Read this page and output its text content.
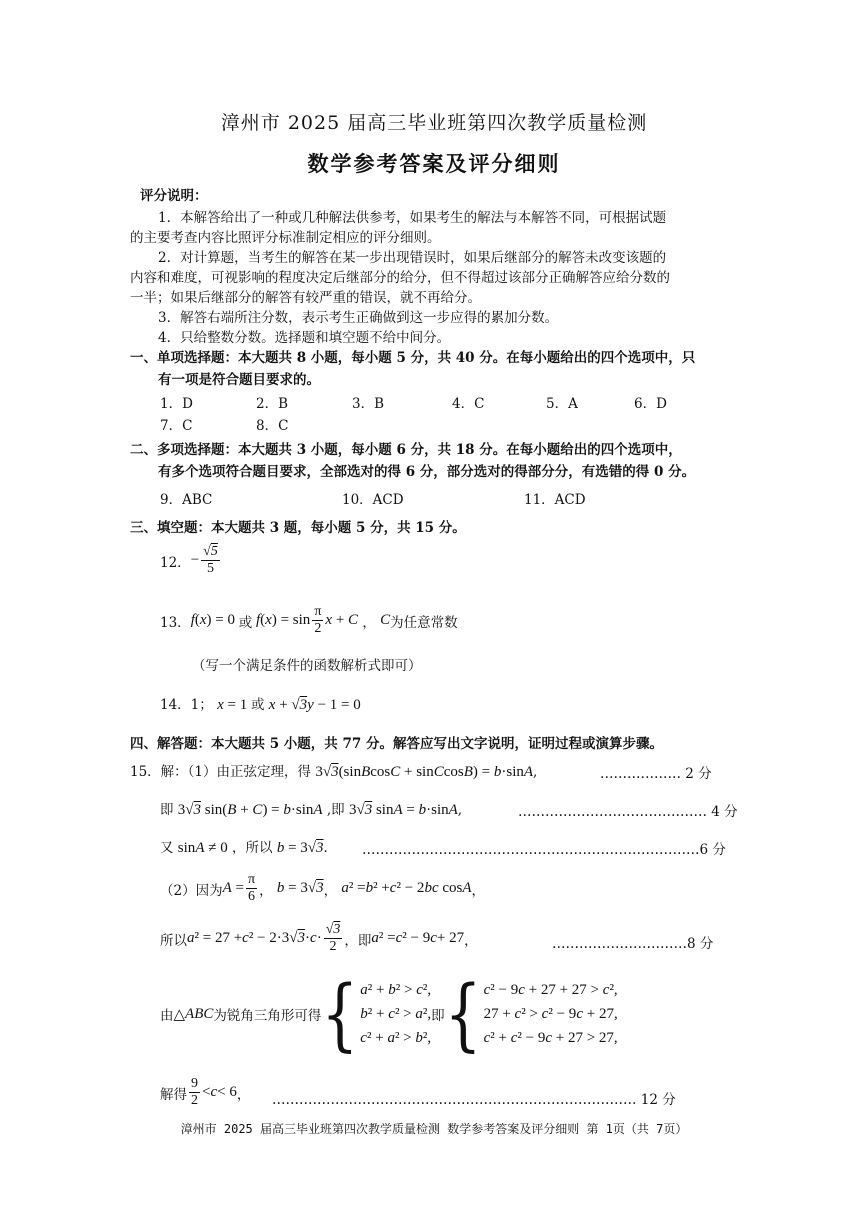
漳州市 2025 届高三毕业班第四次教学质量检测
数学参考答案及评分细则
评分说明：
1．本解答给出了一种或几种解法供参考，如果考生的解法与本解答不同，可根据试题
的主要考查内容比照评分标准制定相应的评分细则。
2．对计算题，当考生的解答在某一步出现错误时，如果后继部分的解答未改变该题的
内容和难度，可视影响的程度决定后继部分的给分，但不得超过该部分正确解答应给分数的
一半；如果后继部分的解答有较严重的错误，就不再给分。
3．解答右端所注分数，表示考生正确做到这一步应得的累加分数。
4．只给整数分数。选择题和填空题不给中间分。
一、单项选择题：本大题共 8 小题，每小题 5 分，共 40 分。在每小题给出的四个选项中，只
有一项是符合题目要求的。
1．D	2．B	3．B	4．C	5．A	6．D
7．C	8．C
二、多项选择题：本大题共 3 小题，每小题 6 分，共 18 分。在每小题给出的四个选项中，
有多个选项符合题目要求，全部选对的得 6 分，部分选对的得部分分，有选错的得 0 分。
9．ABC	10．ACD	11．ACD
三、填空题：本大题共 3 题，每小题 5 分，共 15 分。
12． − $\frac{√5}{5}$
13． f ( x ) = 0 或 f ( x ) = $\sin \frac{\pi}{2}$ x + C ， C 为任意常数
（写一个满足条件的函数解析式即可）
14．1； x = 1 或 x + √3y − 1 = 0
四、解答题：本大题共 5 小题，共 77 分。解答应写出文字说明，证明过程或演算步骤。
15．解：（1）由正弦定理，得 3√3(sinBcosC + sinCcosB) = b·sinA,	……………… 2 分
即 3√3 sin(B + C) = b·sinA ,即 3√3 sinA = b·sinA,	…………………………………… 4 分
又 sinA ≠ 0 ，所以 b = 3√3． …………………………………………………………………6 分
（2）因为 $A = \frac{\pi}{6}$ ， b = 3√3 ， a ² = b ² + c ² − 2 bc cos A ，
所以 a ² = 27 + c $^2 - 2\cdot 3√3\cdot c \cdot \frac{√3}{2}$ ，即 a ² = c ² − 9 c + 27 ，	…………………………8 分
由 △ ABC 为锐角三角形可得 { a² + b² > c²,
b² + c² > a²,
c² + a² > b²,
即 { c² − 9c + 27 + 27 > c²,
27 + c² > c² − 9c + 27,
c² + c² − 9c + 27 > 27,
解得 $\frac{9}{2} < c < 6$ ， ……………………………………………………………………… 12 分
漳州市 2025 届高三毕业班第四次教学质量检测 数学参考答案及评分细则 第 1页（共 7页）
